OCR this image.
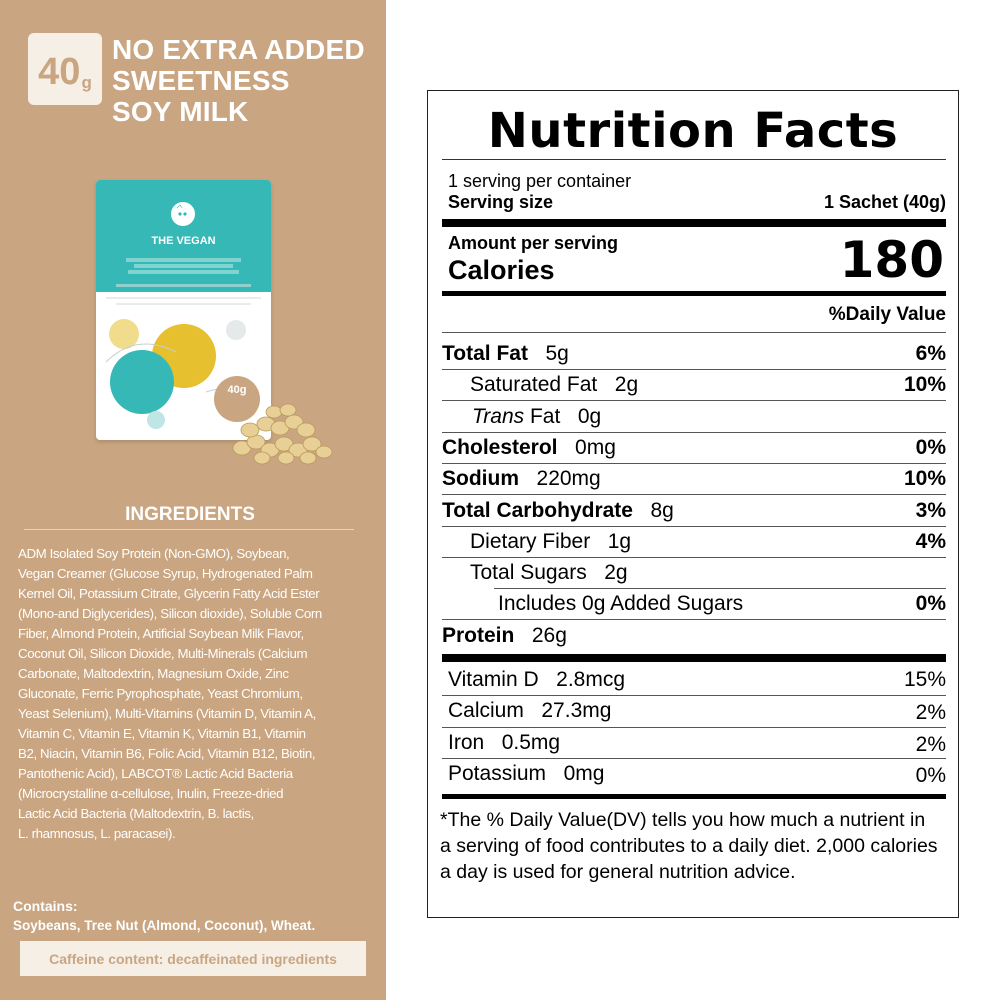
40 g
NO EXTRA ADDED
SWEETNESS
SOY MILK
THE VEGAN
40g
INGREDIENTS
ADM Isolated Soy Protein (Non-GMO), Soybean,
Vegan Creamer (Glucose Syrup, Hydrogenated Palm
Kernel Oil, Potassium Citrate, Glycerin Fatty Acid Ester
(Mono-and Diglycerides), Silicon dioxide), Soluble Corn
Fiber, Almond Protein, Artificial Soybean Milk Flavor,
Coconut Oil, Silicon Dioxide, Multi-Minerals (Calcium
Carbonate, Maltodextrin, Magnesium Oxide, Zinc
Gluconate, Ferric Pyrophosphate, Yeast Chromium,
Yeast Selenium), Multi-Vitamins (Vitamin D, Vitamin A,
Vitamin C, Vitamin E, Vitamin K, Vitamin B1, Vitamin
B2, Niacin, Vitamin B6, Folic Acid, Vitamin B12, Biotin,
Pantothenic Acid), LABCOT® Lactic Acid Bacteria
(Microcrystalline α-cellulose, Inulin, Freeze-dried
Lactic Acid Bacteria (Maltodextrin, B. lactis,
L. rhamnosus, L. paracasei).
Contains:
Soybeans, Tree Nut (Almond, Coconut), Wheat.
Caffeine content: decaffeinated ingredients
Nutrition Facts
1 serving per container
Serving size	1 Sachet (40g)
Amount per serving
Calories	180
%Daily Value
Total Fat 5g	6%
Saturated Fat 2g	10%
Trans Fat 0g
Cholesterol 0mg	0%
Sodium 220mg	10%
Total Carbohydrate 8g	3%
Dietary Fiber 1g	4%
Total Sugars 2g
Includes 0g Added Sugars	0%
Protein 26g
Vitamin D 2.8mcg	15%
Calcium 27.3mg	2%
Iron 0.5mg	2%
Potassium 0mg	0%
*The % Daily Value(DV) tells you how much a nutrient in a serving of food contributes to a daily diet. 2,000 calories a day is used for general nutrition advice.
